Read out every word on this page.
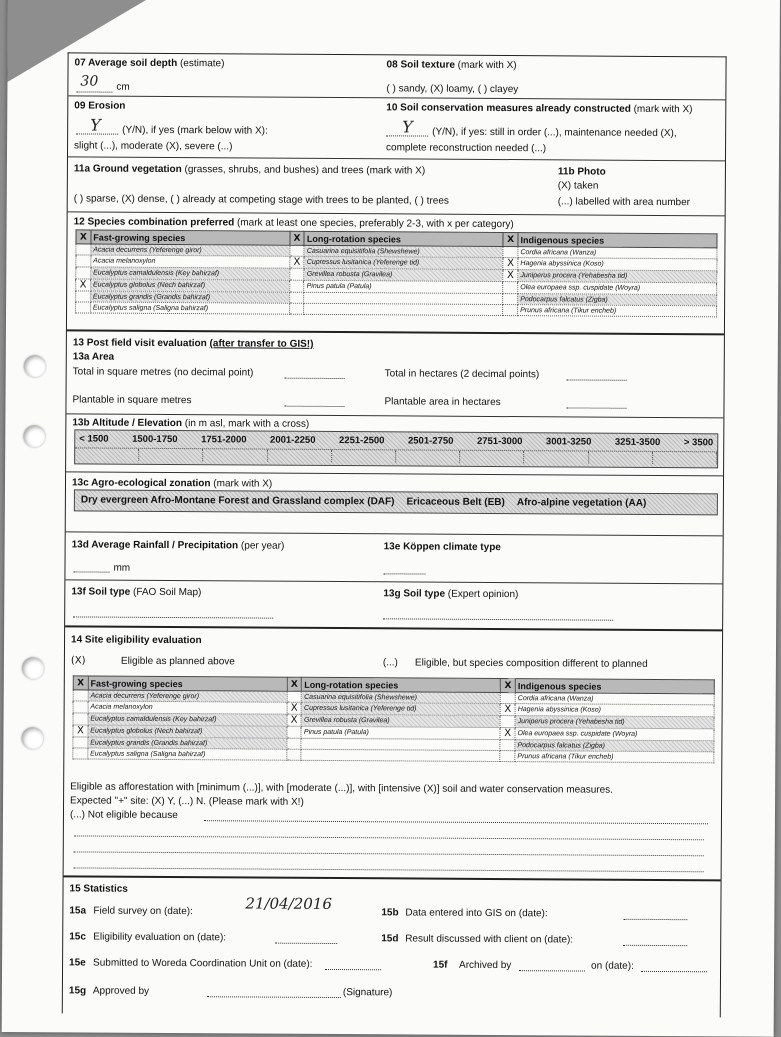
07 Average soil depth (estimate)
30 cm
08 Soil texture (mark with X)
( ) sandy, (X) loamy, ( ) clayey
09 Erosion
Y (Y/N), if yes (mark below with X):
slight (...), moderate (X), severe (...)
10 Soil conservation measures already constructed (mark with X)
Y (Y/N), if yes: still in order (...), maintenance needed (X),
complete reconstruction needed (...)
11a Ground vegetation (grasses, shrubs, and bushes) and trees (mark with X)
( ) sparse, (X) dense, ( ) already at competing stage with trees to be planted, ( ) trees
11b Photo
(X) taken
(...) labelled with area number
12 Species combination preferred (mark at least one species, preferably 2-3, with x per category)
X	Fast-growing species	X	Long-rotation species	X	Indigenous species
	Acacia decurrens (Yeferenge giror)		Casuarina equisitifolia (Shewshewe)		Cordia africana (Wanza)
	Acacia melanoxylon	X	Cupressus lusitanica (Yeferenge tid)	X	Hagenia abyssinica (Koso)
	Eucalyptus camaldulensis (Key bahirzaf)		Grevillea robusta (Gravilea)	X	Juniperus procera (Yehabesha tid)
X	Eucalyptus globolus (Nech bahirzaf)		Pinus patula (Patula)		Olea europaea ssp. cuspidate (Woyra)
	Eucalyptus grandis (Grandis bahirzaf)				Podocarpus falcatus (Zigba)
	Eucalyptus saligna (Saligna bahirzaf)				Prunus africana (Tikur encheb)
13 Post field visit evaluation (after transfer to GIS!)
13a Area
Total in square metres (no decimal point)	Total in hectares (2 decimal points)
Plantable in square metres	Plantable area in hectares
13b Altitude / Elevation (in m asl, mark with a cross)
< 1500 1500-1750 1751-2000 2001-2250 2251-2500 2501-2750 2751-3000 3001-3250 3251-3500 > 3500
13c Agro-ecological zonation (mark with X)
Dry evergreen Afro-Montane Forest and Grassland complex (DAF) Ericaceous Belt (EB) Afro-alpine vegetation (AA)
13d Average Rainfall / Precipitation (per year)
mm
13e Köppen climate type
13f Soil type (FAO Soil Map)	13g Soil type (Expert opinion)
14 Site eligibility evaluation
(X)	Eligible as planned above	(...) Eligible, but species composition different to planned
X	Fast-growing species	X	Long-rotation species	X	Indigenous species
	Acacia decurrens (Yeferenge giror)		Casuarina equisitifolia (Shewshewe)		Cordia africana (Wanza)
	Acacia melanoxylon	X	Cupressus lusitanica (Yeferenge tid)	X	Hagenia abyssinica (Koso)
	Eucalyptus camaldulensis (Key bahirzaf)	X	Grevillea robusta (Gravilea)		Juniperus procera (Yehabesha tid)
X	Eucalyptus globolus (Nech bahirzaf)		Pinus patula (Patula)	X	Olea europaea ssp. cuspidate (Woyra)
	Eucalyptus grandis (Grandis bahirzaf)				Podocarpus falcatus (Zigba)
	Eucalyptus saligna (Saligna bahirzaf)				Prunus africana (Tikur encheb)
Eligible as afforestation with [minimum (...)], with [moderate (...)], with [intensive (X)] soil and water conservation measures.
Expected "+" site: (X) Y, (...) N. (Please mark with X!)
(...) Not eligible because
15 Statistics
15a Field survey on (date):	21/04/2016	15b Data entered into GIS on (date):
15c Eligibility evaluation on (date):	15d Result discussed with client on (date):
15e Submitted to Woreda Coordination Unit on (date):	15f Archived by	on (date):
15g Approved by	(Signature)
